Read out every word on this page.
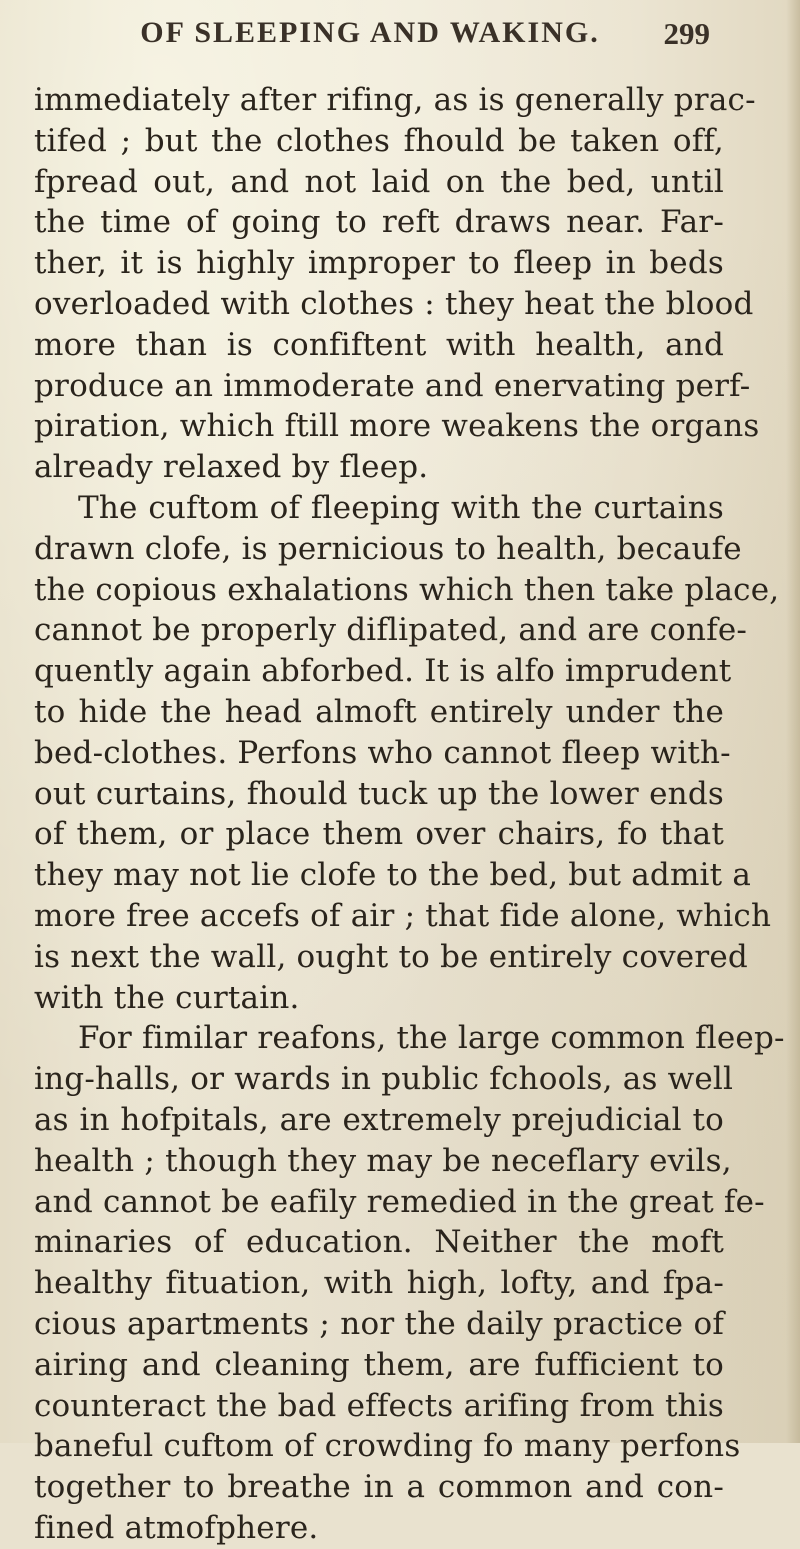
OF SLEEPING AND WAKING.	299
immediately after rifing, as is generally prac-
tifed ; but the clothes fhould be taken off,
fpread out, and not laid on the bed, until
the time of going to reft draws near. Far-
ther, it is highly improper to fleep in beds
overloaded with clothes : they heat the blood
more than is confiftent with health, and
produce an immoderate and enervating perf-
piration, which ftill more weakens the organs
already relaxed by fleep.
The cuftom of fleeping with the curtains
drawn clofe, is pernicious to health, becaufe
the copious exhalations which then take place,
cannot be properly diflipated, and are confe-
quently again abforbed. It is alfo imprudent
to hide the head almoft entirely under the
bed-clothes. Perfons who cannot fleep with-
out curtains, fhould tuck up the lower ends
of them, or place them over chairs, fo that
they may not lie clofe to the bed, but admit a
more free accefs of air ; that fide alone, which
is next the wall, ought to be entirely covered
with the curtain.
For fimilar reafons, the large common fleep-
ing-halls, or wards in public fchools, as well
as in hofpitals, are extremely prejudicial to
health ; though they may be neceflary evils,
and cannot be eafily remedied in the great fe-
minaries of education. Neither the moft
healthy fituation, with high, lofty, and fpa-
cious apartments ; nor the daily practice of
airing and cleaning them, are fufficient to
counteract the bad effects arifing from this
baneful cuftom of crowding fo many perfons
together to breathe in a common and con-
fined atmofphere.
